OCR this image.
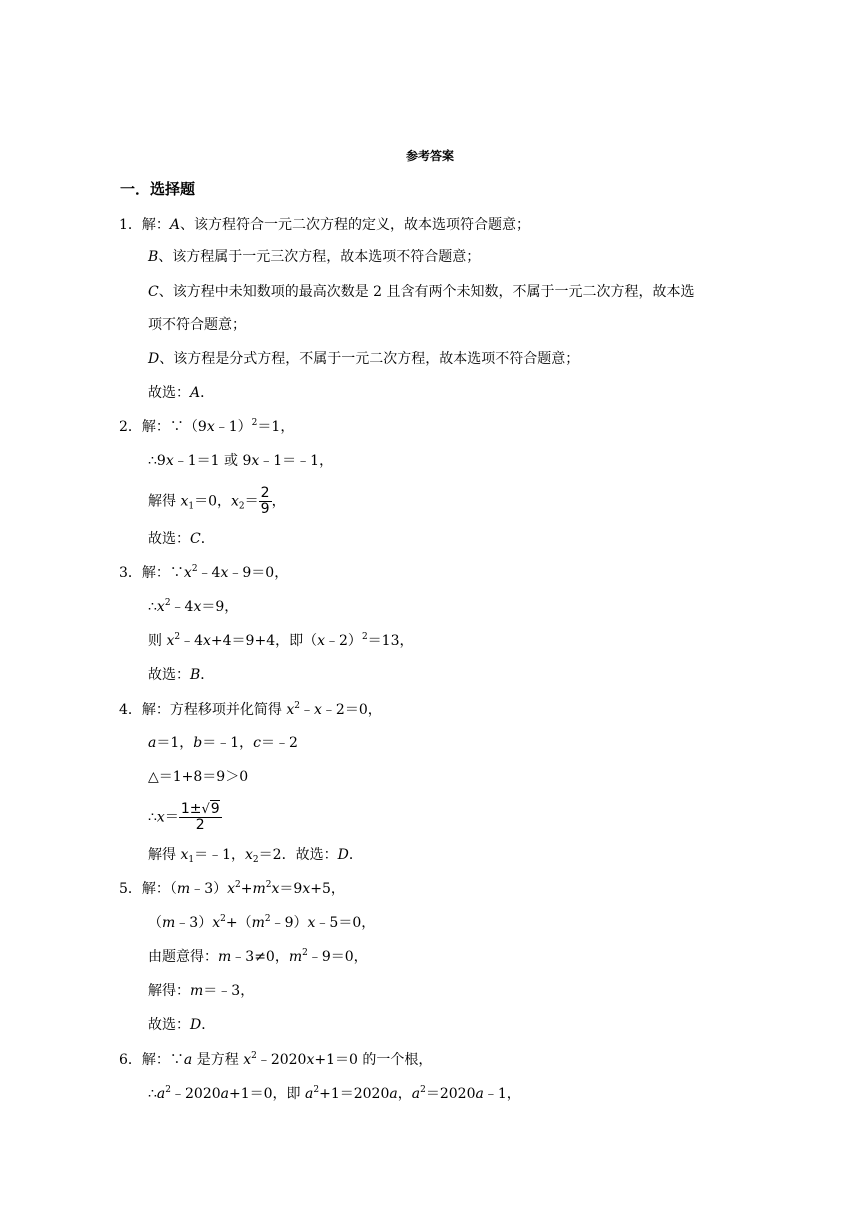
参考答案
一．选择题
1．解：A、该方程符合一元二次方程的定义，故本选项符合题意；
B、该方程属于一元三次方程，故本选项不符合题意；
C、该方程中未知数项的最高次数是 2 且含有两个未知数，不属于一元二次方程，故本选
项不符合题意；
D、该方程是分式方程，不属于一元二次方程，故本选项不符合题意；
故选：A．
2．解：∵（9x﹣1）$^2$＝1，
∴9x﹣1＝1 或 9x﹣1＝﹣1，
解得 $x_1=0$，$x_2= \frac{2}{9}$ ，
故选：C．
3．解：$\because x^2﹣4x﹣9=0$，
$\therefore x^2﹣4x=9$，
则 $x^2﹣4x+4=9+4$，即（x﹣2）$^2$＝13，
故选：B．
4．解：方程移项并化简得 $x^2﹣x﹣2=0$，
a＝1，b＝﹣1，c＝﹣2
△＝1+8＝9＞0
∴x＝ $\frac{1\pm√9}{2}$
解得 $x_1=﹣1$，$x_2=2$．故选：D．
5．解：$(m﹣3)x^2+m^2x=9x+5$，
$(m﹣3)x^2+(m^2﹣9)x﹣5=0$，
由题意得：m﹣3≠0，$m^2﹣9=0$，
解得：m＝﹣3，
故选：D．
6．解：∵a 是方程 $x^2﹣2020x+1=0$ 的一个根，
$\therefore a^2﹣2020a+1=0$，即 $a^2+1=2020a$，$a^2=2020a﹣1$，
